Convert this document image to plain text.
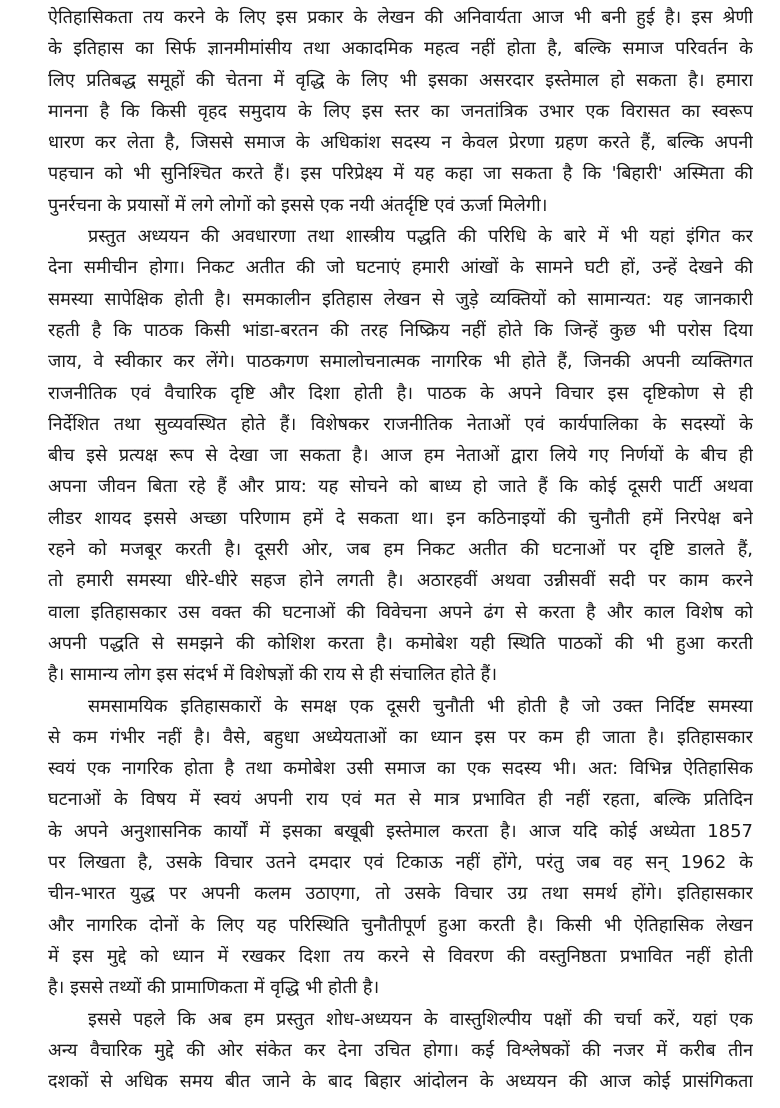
ऐतिहासिकता तय करने के लिए इस प्रकार के लेखन की अनिवार्यता आज भी बनी हुई है। इस श्रेणी
के इतिहास का सिर्फ ज्ञानमीमांसीय तथा अकादमिक महत्व नहीं होता है, बल्कि समाज परिवर्तन के
लिए प्रतिबद्ध समूहों की चेतना में वृद्धि के लिए भी इसका असरदार इस्तेमाल हो सकता है। हमारा
मानना है कि किसी वृहद समुदाय के लिए इस स्तर का जनतांत्रिक उभार एक विरासत का स्वरूप
धारण कर लेता है, जिससे समाज के अधिकांश सदस्य न केवल प्रेरणा ग्रहण करते हैं, बल्कि अपनी
पहचान को भी सुनिश्चित करते हैं। इस परिप्रेक्ष्य में यह कहा जा सकता है कि 'बिहारी' अस्मिता की
पुनर्रचना के प्रयासों में लगे लोगों को इससे एक नयी अंतर्दृष्टि एवं ऊर्जा मिलेगी।
प्रस्तुत अध्ययन की अवधारणा तथा शास्त्रीय पद्धति की परिधि के बारे में भी यहां इंगित कर
देना समीचीन होगा। निकट अतीत की जो घटनाएं हमारी आंखों के सामने घटी हों, उन्हें देखने की
समस्या सापेक्षिक होती है। समकालीन इतिहास लेखन से जुड़े व्यक्तियों को सामान्यत: यह जानकारी
रहती है कि पाठक किसी भांडा-बरतन की तरह निष्क्रिय नहीं होते कि जिन्हें कुछ भी परोस दिया
जाय, वे स्वीकार कर लेंगे। पाठकगण समालोचनात्मक नागरिक भी होते हैं, जिनकी अपनी व्यक्तिगत
राजनीतिक एवं वैचारिक दृष्टि और दिशा होती है। पाठक के अपने विचार इस दृष्टिकोण से ही
निर्देशित तथा सुव्यवस्थित होते हैं। विशेषकर राजनीतिक नेताओं एवं कार्यपालिका के सदस्यों के
बीच इसे प्रत्यक्ष रूप से देखा जा सकता है। आज हम नेताओं द्वारा लिये गए निर्णयों के बीच ही
अपना जीवन बिता रहे हैं और प्राय: यह सोचने को बाध्य हो जाते हैं कि कोई दूसरी पार्टी अथवा
लीडर शायद इससे अच्छा परिणाम हमें दे सकता था। इन कठिनाइयों की चुनौती हमें निरपेक्ष बने
रहने को मजबूर करती है। दूसरी ओर, जब हम निकट अतीत की घटनाओं पर दृष्टि डालते हैं,
तो हमारी समस्या धीरे-धीरे सहज होने लगती है। अठारहवीं अथवा उन्नीसवीं सदी पर काम करने
वाला इतिहासकार उस वक्त की घटनाओं की विवेचना अपने ढंग से करता है और काल विशेष को
अपनी पद्धति से समझने की कोशिश करता है। कमोबेश यही स्थिति पाठकों की भी हुआ करती
है। सामान्य लोग इस संदर्भ में विशेषज्ञों की राय से ही संचालित होते हैं।
समसामयिक इतिहासकारों के समक्ष एक दूसरी चुनौती भी होती है जो उक्त निर्दिष्ट समस्या
से कम गंभीर नहीं है। वैसे, बहुधा अध्येयताओं का ध्यान इस पर कम ही जाता है। इतिहासकार
स्वयं एक नागरिक होता है तथा कमोबेश उसी समाज का एक सदस्य भी। अत: विभिन्न ऐतिहासिक
घटनाओं के विषय में स्वयं अपनी राय एवं मत से मात्र प्रभावित ही नहीं रहता, बल्कि प्रतिदिन
के अपने अनुशासनिक कार्यों में इसका बखूबी इस्तेमाल करता है। आज यदि कोई अध्येता 1857
पर लिखता है, उसके विचार उतने दमदार एवं टिकाऊ नहीं होंगे, परंतु जब वह सन् 1962 के
चीन-भारत युद्ध पर अपनी कलम उठाएगा, तो उसके विचार उग्र तथा समर्थ होंगे। इतिहासकार
और नागरिक दोनों के लिए यह परिस्थिति चुनौतीपूर्ण हुआ करती है। किसी भी ऐतिहासिक लेखन
में इस मुद्दे को ध्यान में रखकर दिशा तय करने से विवरण की वस्तुनिष्ठता प्रभावित नहीं होती
है। इससे तथ्यों की प्रामाणिकता में वृद्धि भी होती है।
इससे पहले कि अब हम प्रस्तुत शोध-अध्ययन के वास्तुशिल्पीय पक्षों की चर्चा करें, यहां एक
अन्य वैचारिक मुद्दे की ओर संकेत कर देना उचित होगा। कई विश्लेषकों की नजर में करीब तीन
दशकों से अधिक समय बीत जाने के बाद बिहार आंदोलन के अध्ययन की आज कोई प्रासंगिकता
